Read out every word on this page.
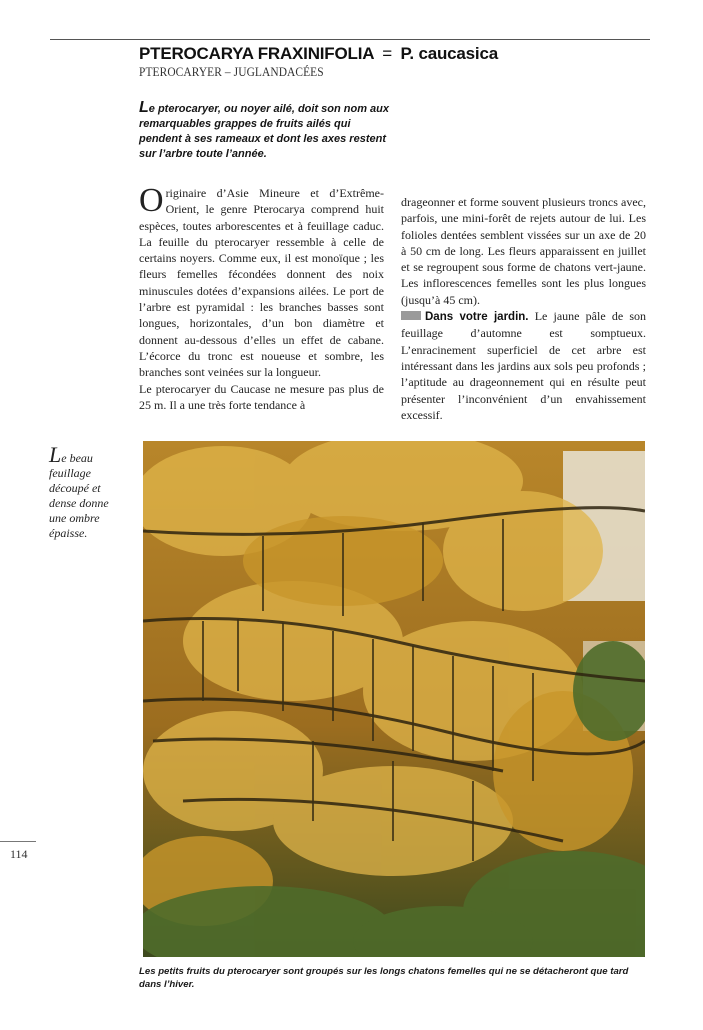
PTEROCARYA FRAXINIFOLIA = P. caucasica
PTEROCARYER – JUGLANDACÉES
Le pterocaryer, ou noyer ailé, doit son nom aux remarquables grappes de fruits ailés qui pendent à ses rameaux et dont les axes restent sur l’arbre toute l’année.

Originaire d’Asie Mineure et d’Extrême-Orient, le genre Pterocarya comprend huit espèces, toutes arborescentes et à feuillage caduc. La feuille du pterocaryer ressemble à celle de certains noyers. Comme eux, il est monoïque ; les fleurs femelles fécondées donnent des noix minuscules dotées d’expansions ailées. Le port de l’arbre est pyramidal : les branches basses sont longues, horizontales, d’un bon diamètre et donnent au-dessous d’elles un effet de cabane. L’écorce du tronc est noueuse et sombre, les branches sont veinées sur la longueur.

Le pterocaryer du Caucase ne mesure pas plus de 25 m. Il a une très forte tendance à

drageonner et forme souvent plusieurs troncs avec, parfois, une mini-forêt de rejets autour de lui. Les folioles dentées semblent vissées sur un axe de 20 à 50 cm de long. Les fleurs apparaissent en juillet et se regroupent sous forme de chatons vert-jaune. Les inflorescences femelles sont les plus longues (jusqu’à 45 cm).

Dans votre jardin. Le jaune pâle de son feuillage d’automne est somptueux. L’enracinement superficiel de cet arbre est intéressant dans les jardins aux sols peu profonds ; l’aptitude au drageonnement qui en résulte peut présenter l’inconvénient d’un envahissement excessif.

Le beau feuillage découpé et dense donne une ombre épaisse.
Les petits fruits du pterocaryer sont groupés sur les longs chatons femelles qui ne se détacheront que tard dans l’hiver.
114
